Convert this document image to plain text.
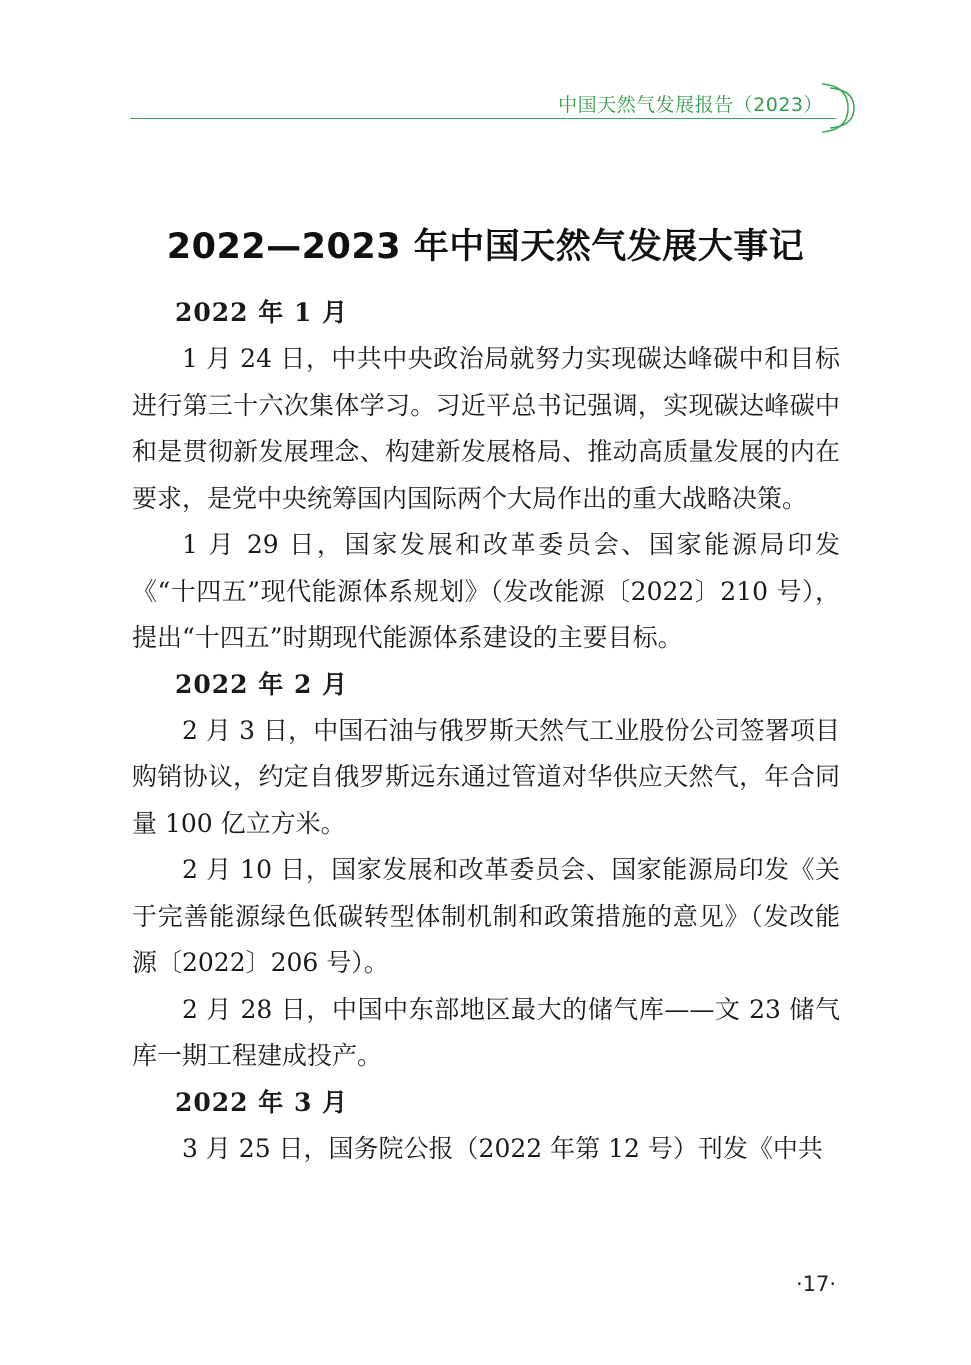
中国天然气发展报告（2023）
2022—2023 年中国天然气发展大事记
2022 年 1 月

1 月 24 日，中共中央政治局就努力实现碳达峰碳中和目标进行第三十六次集体学习。习近平总书记强调，实现碳达峰碳中和是贯彻新发展理念、构建新发展格局、推动高质量发展的内在要求，是党中央统筹国内国际两个大局作出的重大战略决策。

1 月 29 日，国家发展和改革委员会、国家能源局印发《“十四五”现代能源体系规划》（发改能源〔2022〕210 号），提出“十四五”时期现代能源体系建设的主要目标。

2022 年 2 月

2 月 3 日，中国石油与俄罗斯天然气工业股份公司签署项目购销协议，约定自俄罗斯远东通过管道对华供应天然气，年合同量 100 亿立方米。

2 月 10 日，国家发展和改革委员会、国家能源局印发《关于完善能源绿色低碳转型体制机制和政策措施的意见》（发改能源〔2022〕206 号）。

2 月 28 日，中国中东部地区最大的储气库——文 23 储气库一期工程建成投产。

2022 年 3 月

3 月 25 日，国务院公报（2022 年第 12 号）刊发《中共

·17·
